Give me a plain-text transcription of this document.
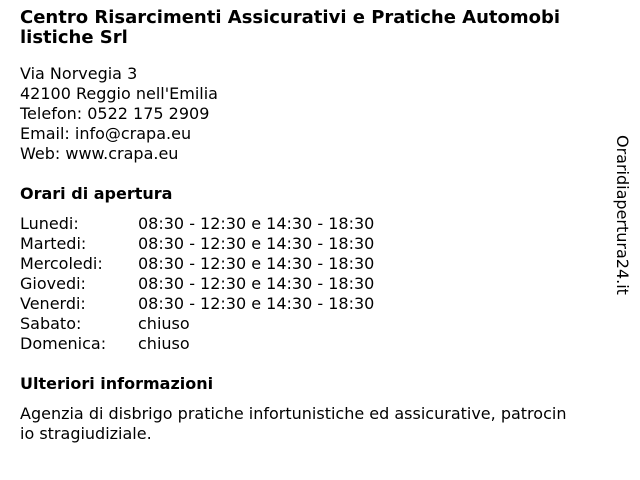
Centro Risarcimenti Assicurativi e Pratiche Automobi
listiche Srl
Via Norvegia 3
42100 Reggio nell'Emilia
Telefon: 0522 175 2909
Email: info@crapa.eu
Web: www.crapa.eu
Orari di apertura
Lunedi:	08:30 - 12:30 e 14:30 - 18:30
Martedi:	08:30 - 12:30 e 14:30 - 18:30
Mercoledi: 08:30 - 12:30 e 14:30 - 18:30
Giovedi:	08:30 - 12:30 e 14:30 - 18:30
Venerdi:	08:30 - 12:30 e 14:30 - 18:30
Sabato:	chiuso
Domenica: chiuso
Ulteriori informazioni
Agenzia di disbrigo pratiche infortunistiche ed assicurative, patrocin
io stragiudiziale.
Oraridiapertura24.it
